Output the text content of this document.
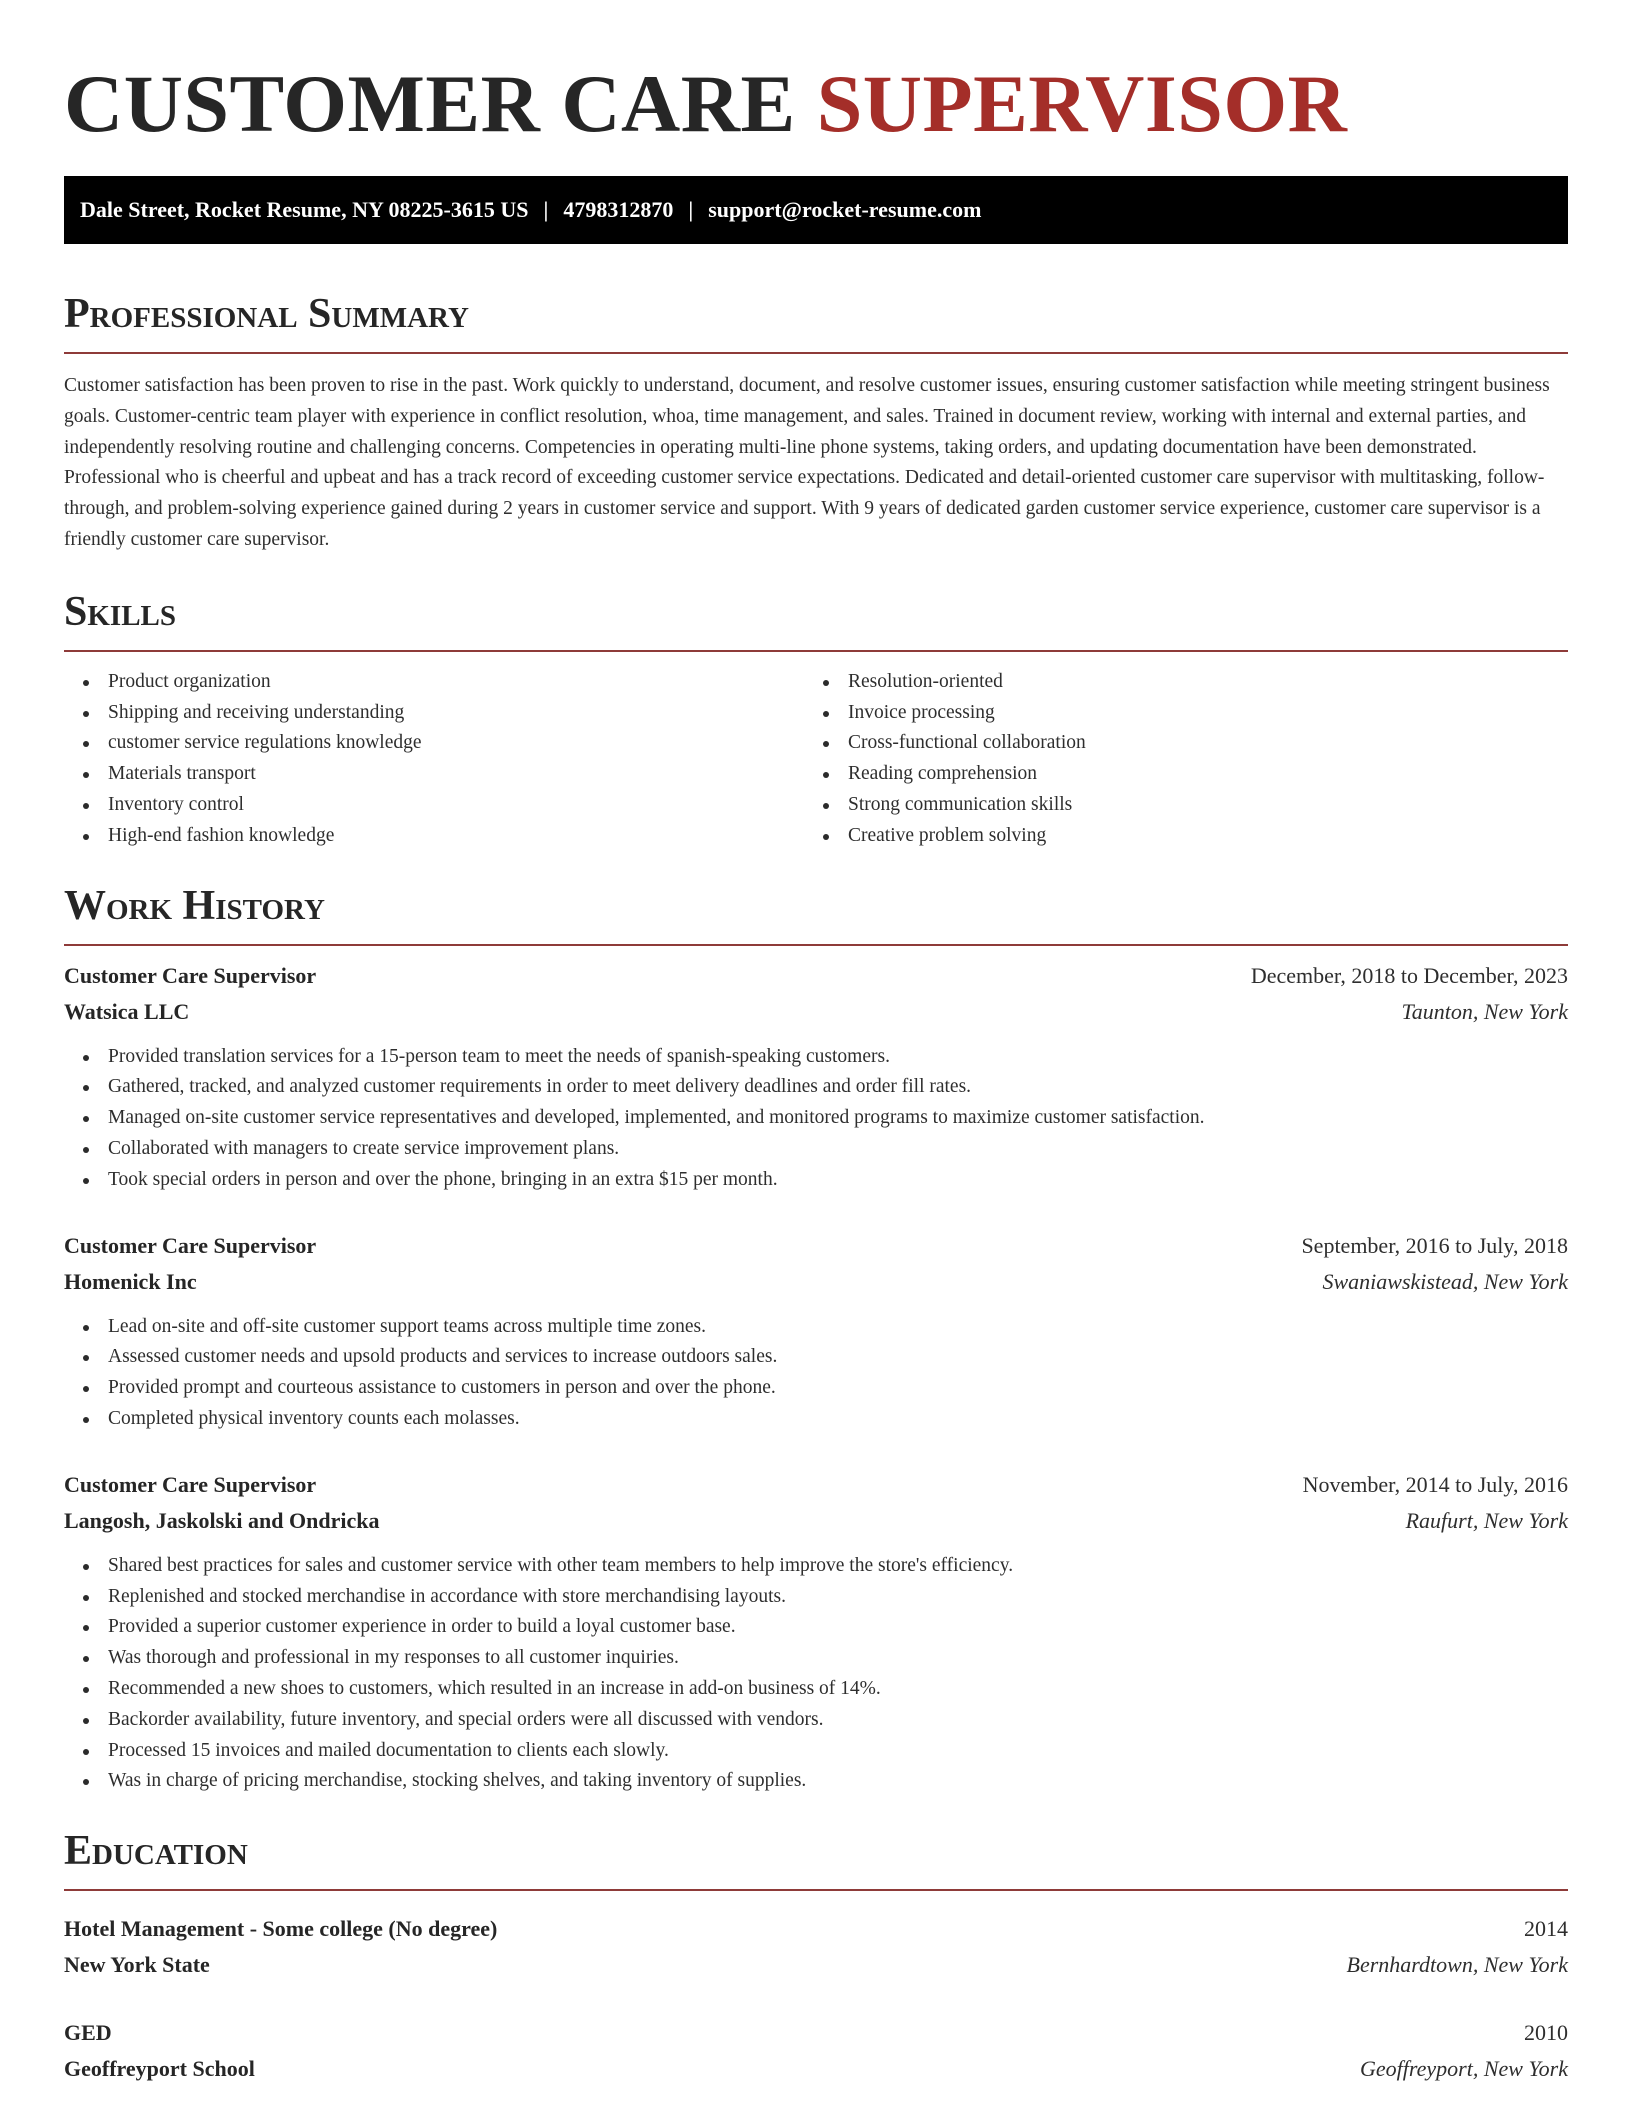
CUSTOMER CARE SUPERVISOR
Dale Street, Rocket Resume, NY 08225-3615 US | 4798312870 | support@rocket-resume.com
Professional Summary

Customer satisfaction has been proven to rise in the past. Work quickly to understand, document, and resolve customer issues, ensuring customer satisfaction while meeting stringent business goals. Customer-centric team player with experience in conflict resolution, whoa, time management, and sales. Trained in document review, working with internal and external parties, and independently resolving routine and challenging concerns. Competencies in operating multi-line phone systems, taking orders, and updating documentation have been demonstrated. Professional who is cheerful and upbeat and has a track record of exceeding customer service expectations. Dedicated and detail-oriented customer care supervisor with multitasking, follow-through, and problem-solving experience gained during 2 years in customer service and support. With 9 years of dedicated garden customer service experience, customer care supervisor is a friendly customer care supervisor.

Skills
Product organization
Shipping and receiving understanding
customer service regulations knowledge
Materials transport
Inventory control
High-end fashion knowledge
Resolution-oriented
Invoice processing
Cross-functional collaboration
Reading comprehension
Strong communication skills
Creative problem solving
Work History
Customer Care Supervisor	December, 2018 to December, 2023
Watsica LLC	Taunton, New York
Provided translation services for a 15-person team to meet the needs of spanish-speaking customers.
Gathered, tracked, and analyzed customer requirements in order to meet delivery deadlines and order fill rates.
Managed on-site customer service representatives and developed, implemented, and monitored programs to maximize customer satisfaction.
Collaborated with managers to create service improvement plans.
Took special orders in person and over the phone, bringing in an extra $15 per month.
Customer Care Supervisor	September, 2016 to July, 2018
Homenick Inc	Swaniawskistead, New York
Lead on-site and off-site customer support teams across multiple time zones.
Assessed customer needs and upsold products and services to increase outdoors sales.
Provided prompt and courteous assistance to customers in person and over the phone.
Completed physical inventory counts each molasses.
Customer Care Supervisor	November, 2014 to July, 2016
Langosh, Jaskolski and Ondricka	Raufurt, New York
Shared best practices for sales and customer service with other team members to help improve the store's efficiency.
Replenished and stocked merchandise in accordance with store merchandising layouts.
Provided a superior customer experience in order to build a loyal customer base.
Was thorough and professional in my responses to all customer inquiries.
Recommended a new shoes to customers, which resulted in an increase in add-on business of 14%.
Backorder availability, future inventory, and special orders were all discussed with vendors.
Processed 15 invoices and mailed documentation to clients each slowly.
Was in charge of pricing merchandise, stocking shelves, and taking inventory of supplies.
Education
Hotel Management - Some college (No degree)	2014
New York State	Bernhardtown, New York
GED	2010
Geoffreyport School	Geoffreyport, New York
